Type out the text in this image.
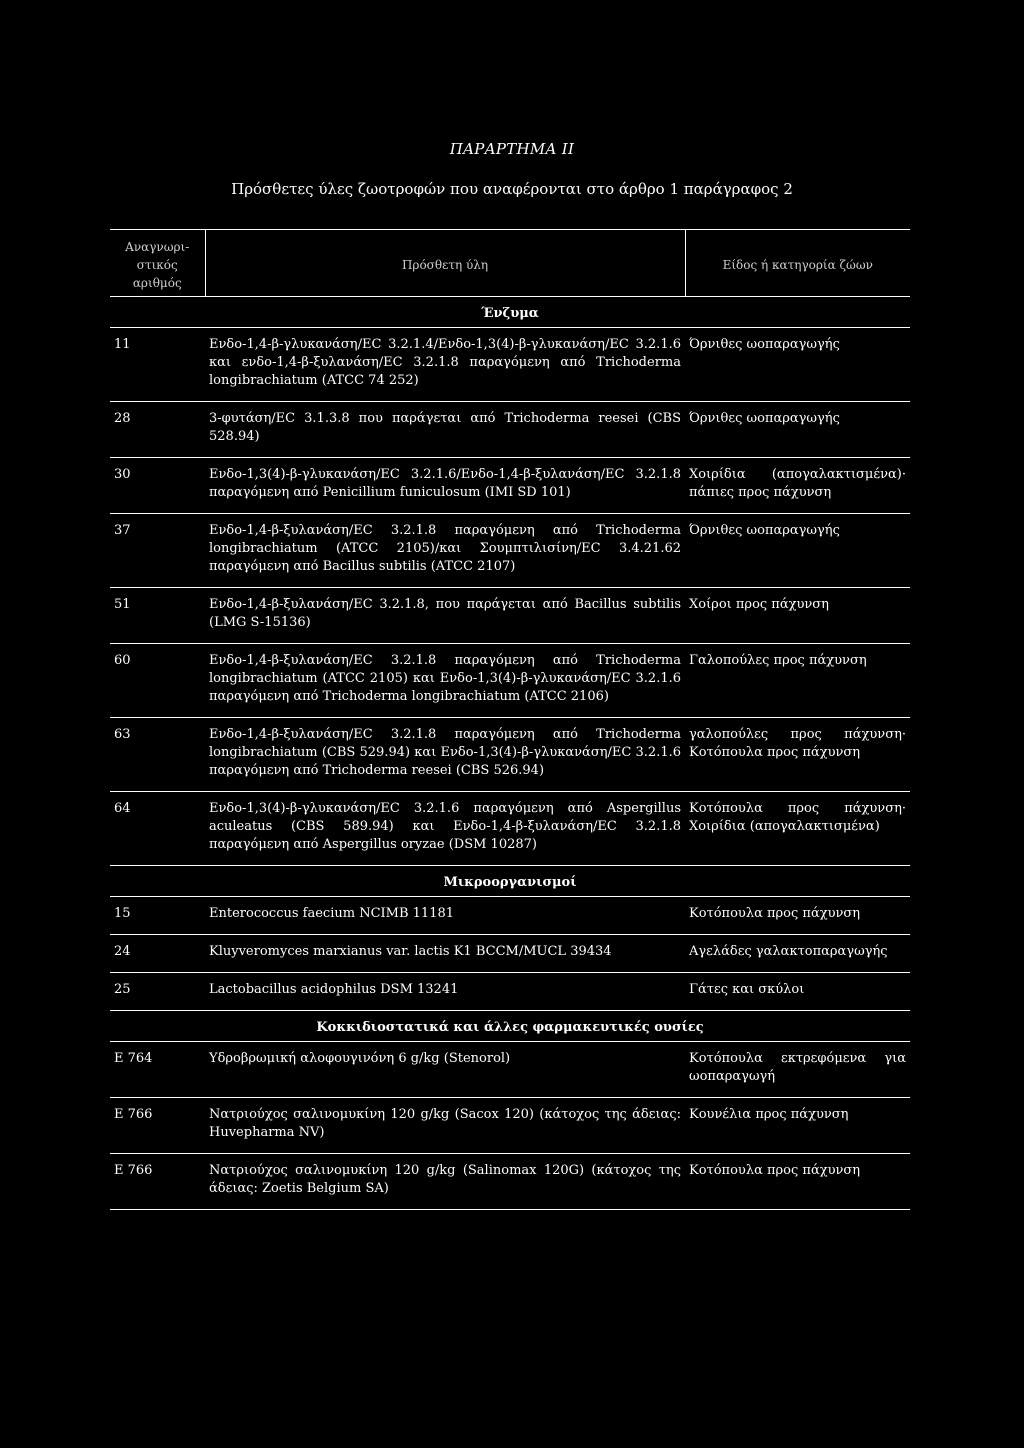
ΠΑΡΑΡΤΗΜΑ ΙΙ
Πρόσθετες ύλες ζωοτροφών που αναφέρονται στο άρθρο 1 παράγραφος 2
Αναγνωρι-στικός αριθμός	Πρόσθετη ύλη	Είδος ή κατηγορία ζώων
Ένζυμα		
11	Ενδο-1,4-β-γλυκανάση/EC 3.2.1.4/Ενδο-1,3(4)-β-γλυκανάση/EC 3.2.1.6 και ενδο-1,4-β-ξυλανάση/EC 3.2.1.8 παραγόμενη από Trichoderma longibrachiatum (ATCC 74 252)	Όρνιθες ωοπαραγωγής
28	3-φυτάση/EC 3.1.3.8 που παράγεται από Trichoderma reesei (CBS 528.94)	Όρνιθες ωοπαραγωγής
30	Ενδο-1,3(4)-β-γλυκανάση/EC 3.2.1.6/Ενδο-1,4-β-ξυλανάση/EC 3.2.1.8 παραγόμενη από Penicillium funiculosum (IMI SD 101)	Χοιρίδια (απογαλακτισμένα)· πάπιες προς πάχυνση
37	Ενδο-1,4-β-ξυλανάση/EC 3.2.1.8 παραγόμενη από Trichoderma longibrachiatum (ATCC 2105)/και Σουμπτιλισίνη/EC 3.4.21.62 παραγόμενη από Bacillus subtilis (ATCC 2107)	Όρνιθες ωοπαραγωγής
51	Ενδο-1,4-β-ξυλανάση/EC 3.2.1.8, που παράγεται από Bacillus subtilis (LMG S-15136)	Χοίροι προς πάχυνση
60	Ενδο-1,4-β-ξυλανάση/EC 3.2.1.8 παραγόμενη από Trichoderma longibrachiatum (ATCC 2105) και Ενδο-1,3(4)-β-γλυκανάση/EC 3.2.1.6 παραγόμενη από Trichoderma longibrachiatum (ATCC 2106)	Γαλοπούλες προς πάχυνση
63	Ενδο-1,4-β-ξυλανάση/EC 3.2.1.8 παραγόμενη από Trichoderma longibrachiatum (CBS 529.94) και Ενδο-1,3(4)-β-γλυκανάση/EC 3.2.1.6 παραγόμενη από Trichoderma reesei (CBS 526.94)	γαλοπούλες προς πάχυνση· Κοτόπουλα προς πάχυνση
64	Ενδο-1,3(4)-β-γλυκανάση/EC 3.2.1.6 παραγόμενη από Aspergillus aculeatus (CBS 589.94) και Ενδο-1,4-β-ξυλανάση/EC 3.2.1.8 παραγόμενη από Aspergillus oryzae (DSM 10287)	Κοτόπουλα προς πάχυνση· Χοιρίδια (απογαλακτισμένα)
Μικροοργανισμοί		
15	Enterococcus faecium NCIMB 11181	Κοτόπουλα προς πάχυνση
24	Kluyveromyces marxianus var. lactis K1 BCCM/MUCL 39434	Αγελάδες γαλακτοπαραγωγής
25	Lactobacillus acidophilus DSM 13241	Γάτες και σκύλοι
Κοκκιδιοστατικά και άλλες φαρμακευτικές ουσίες		
E 764	Υδροβρωμική αλοφουγινόνη 6 g/kg (Stenorol)	Κοτόπουλα εκτρεφόμενα για ωοπαραγωγή
E 766	Νατριούχος σαλινομυκίνη 120 g/kg (Sacox 120) (κάτοχος της άδειας: Huvepharma NV)	Κουνέλια προς πάχυνση
E 766	Νατριούχος σαλινομυκίνη 120 g/kg (Salinomax 120G) (κάτοχος της άδειας: Zoetis Belgium SA)	Κοτόπουλα προς πάχυνση
